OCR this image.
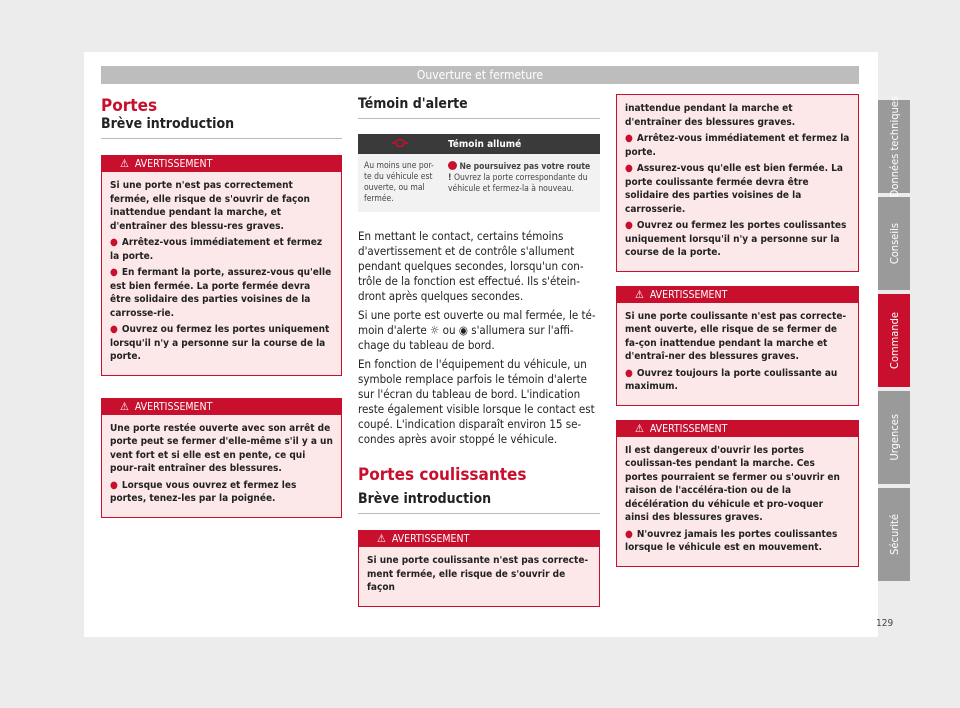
Ouverture et fermeture
Portes
Brève introduction
⚠ AVERTISSEMENT

Si une porte n'est pas correctement fermée, elle risque de s'ouvrir de façon inattendue pendant la marche, et d'entraîner des blessu-res graves.

● Arrêtez-vous immédiatement et fermez la porte.

● En fermant la porte, assurez-vous qu'elle est bien fermée. La porte fermée devra être solidaire des parties voisines de la carrosse-rie.

● Ouvrez ou fermez les portes uniquement lorsqu'il n'y a personne sur la course de la porte.

⚠ AVERTISSEMENT

Une porte restée ouverte avec son arrêt de porte peut se fermer d'elle-même s'il y a un vent fort et si elle est en pente, ce qui pour-rait entraîner des blessures.

● Lorsque vous ouvrez et fermez les portes, tenez-les par la poignée.

Témoin d'alerte
	Témoin allumé
Au moins une por-te du véhicule est ouverte, ou mal fermée.	Ne poursuivez pas votre route ! Ouvrez la porte correspondante du véhicule et fermez-la à nouveau.

En mettant le contact, certains témoins d'avertissement et de contrôle s'allument pendant quelques secondes, lorsqu'un con-trôle de la fonction est effectué. Ils s'étein-dront après quelques secondes.

Si une porte est ouverte ou mal fermée, le té-moin d'alerte ☼ ou ◉ s'allumera sur l'affi-chage du tableau de bord.

En fonction de l'équipement du véhicule, un symbole remplace parfois le témoin d'alerte sur l'écran du tableau de bord. L'indication reste également visible lorsque le contact est coupé. L'indication disparaît environ 15 se-condes après avoir stoppé le véhicule.

Portes coulissantes
Brève introduction
⚠ AVERTISSEMENT

Si une porte coulissante n'est pas correcte-ment fermée, elle risque de s'ouvrir de façon

inattendue pendant la marche et d'entraîner des blessures graves.

● Arrêtez-vous immédiatement et fermez la porte.

● Assurez-vous qu'elle est bien fermée. La porte coulissante fermée devra être solidaire des parties voisines de la carrosserie.

● Ouvrez ou fermez les portes coulissantes uniquement lorsqu'il n'y a personne sur la course de la porte.

⚠ AVERTISSEMENT

Si une porte coulissante n'est pas correcte-ment ouverte, elle risque de se fermer de fa-çon inattendue pendant la marche et d'entraî-ner des blessures graves.

● Ouvrez toujours la porte coulissante au maximum.

⚠ AVERTISSEMENT

Il est dangereux d'ouvrir les portes coulissan-tes pendant la marche. Ces portes pourraient se fermer ou s'ouvrir en raison de l'accéléra-tion ou de la décélération du véhicule et pro-voquer ainsi des blessures graves.

● N'ouvrez jamais les portes coulissantes lorsque le véhicule est en mouvement.

Données techniques
Conseils
Commande
Urgences
Sécurité
129
